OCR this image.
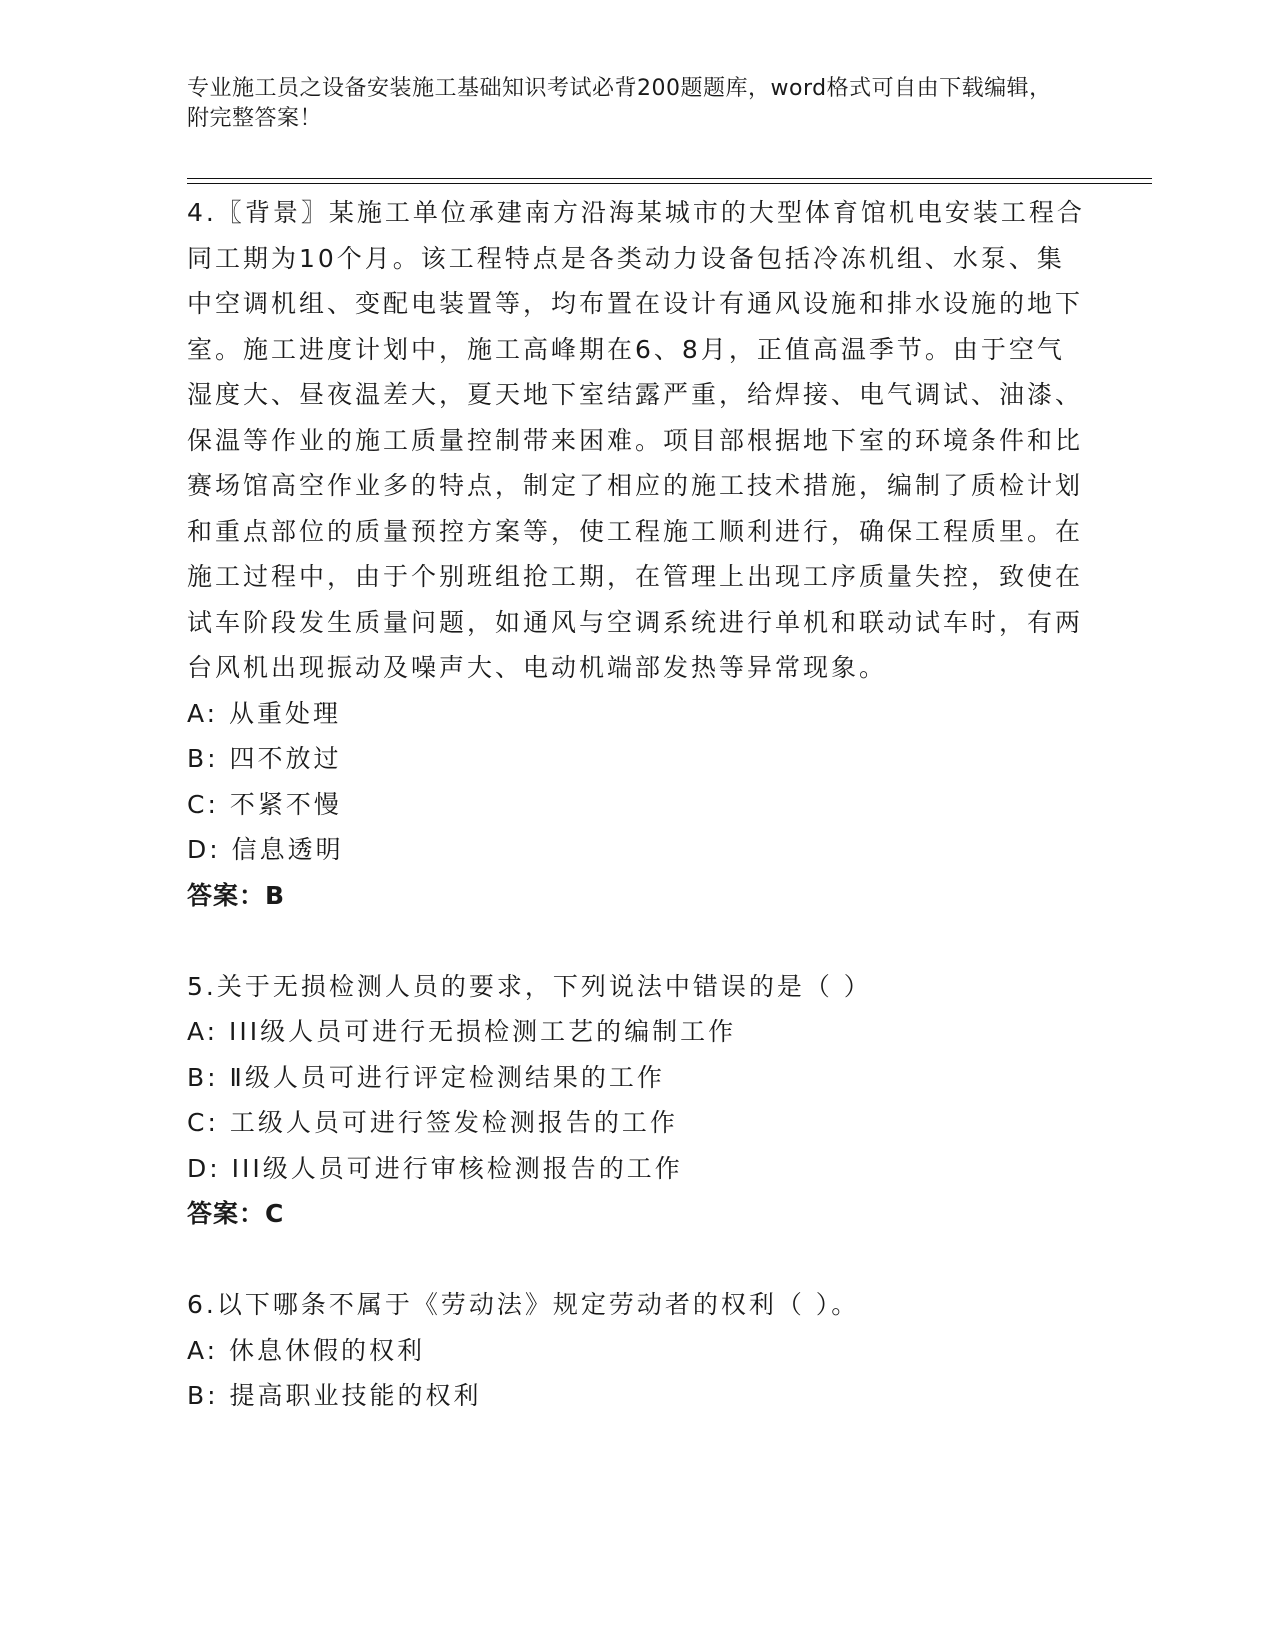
专业施工员之设备安装施工基础知识考试必背200题题库，word格式可自由下载编辑，附完整答案！

4.〖背景〗某施工单位承建南方沿海某城市的大型体育馆机电安装工程合同工期为10个月。该工程特点是各类动力设备包括冷冻机组、水泵、集中空调机组、变配电装置等，均布置在设计有通风设施和排水设施的地下室。施工进度计划中，施工高峰期在6、8月，正值高温季节。由于空气湿度大、昼夜温差大，夏天地下室结露严重，给焊接、电气调试、油漆、保温等作业的施工质量控制带来困难。项目部根据地下室的环境条件和比赛场馆高空作业多的特点，制定了相应的施工技术措施，编制了质检计划和重点部位的质量预控方案等，使工程施工顺利进行，确保工程质里。在施工过程中，由于个别班组抢工期，在管理上出现工序质量失控，致使在试车阶段发生质量问题，如通风与空调系统进行单机和联动试车时，有两台风机出现振动及噪声大、电动机端部发热等异常现象。

A: 从重处理

B: 四不放过

C: 不紧不慢

D: 信息透明

答案：B

5.关于无损检测人员的要求，下列说法中错误的是（ ）

A: III级人员可进行无损检测工艺的编制工作

B: Ⅱ级人员可进行评定检测结果的工作

C: 工级人员可进行签发检测报告的工作

D: III级人员可进行审核检测报告的工作

答案：C

6.以下哪条不属于《劳动法》规定劳动者的权利（ ）。

A: 休息休假的权利

B: 提高职业技能的权利
